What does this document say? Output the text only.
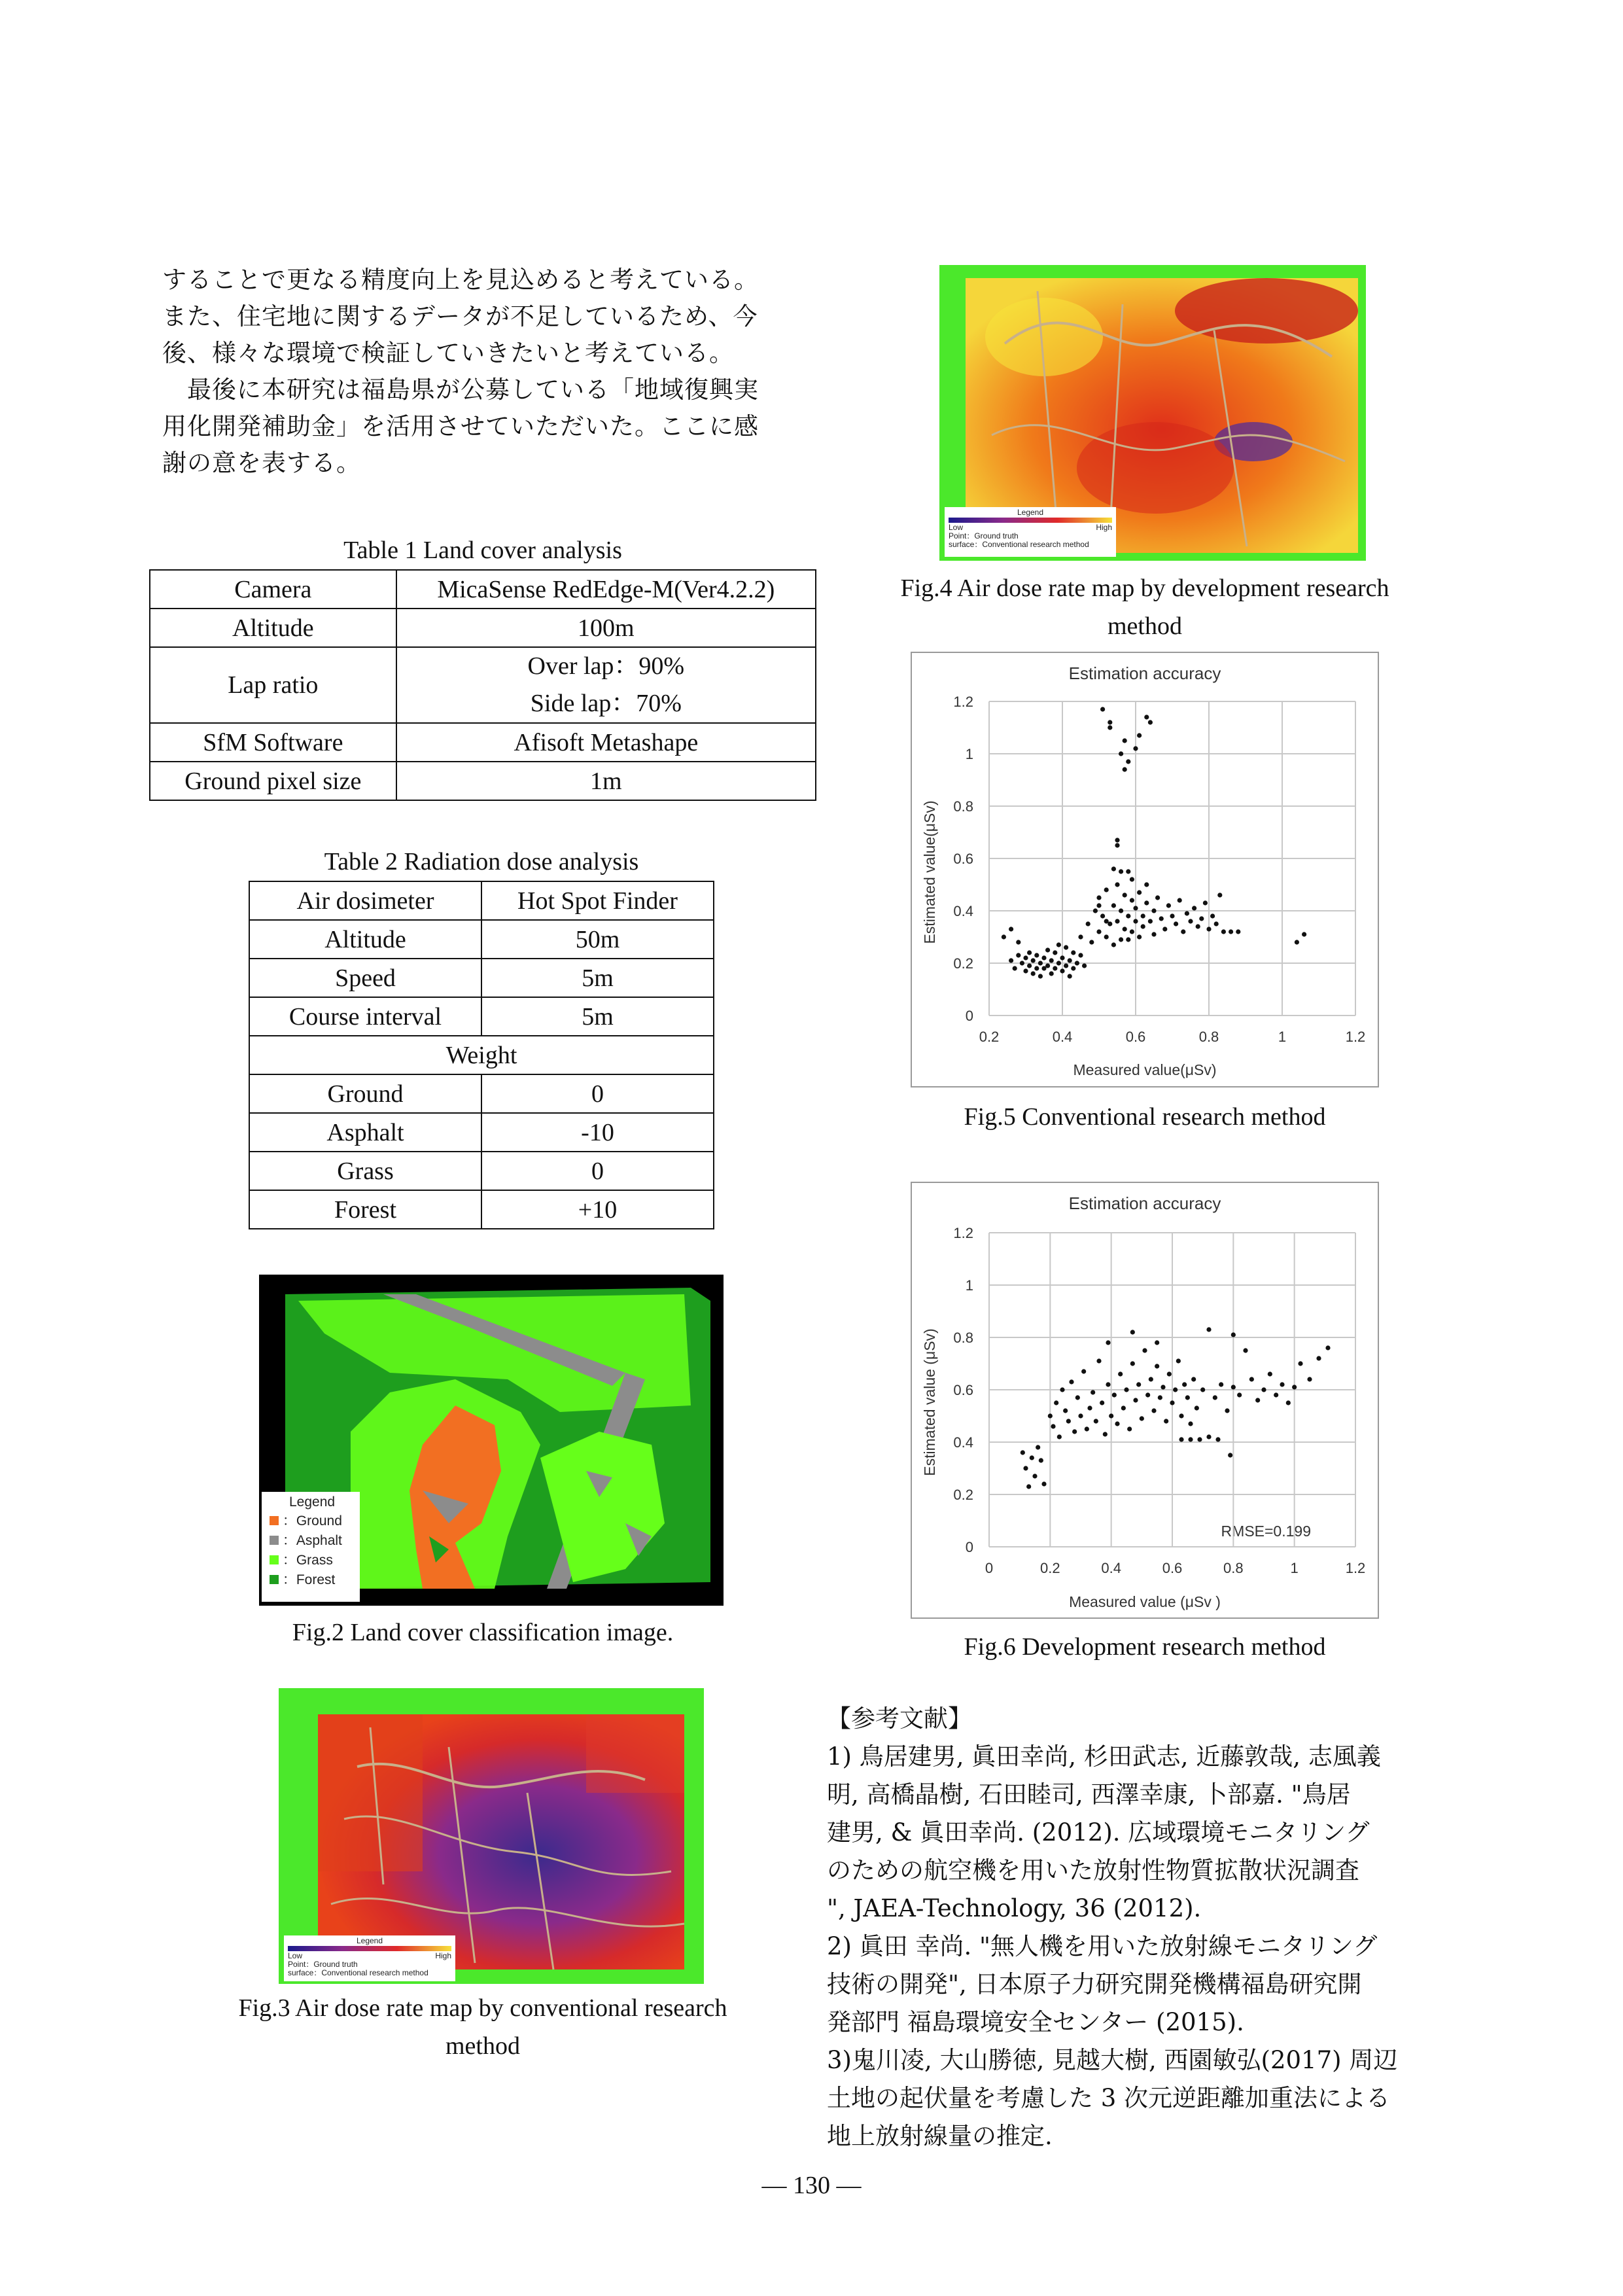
することで更なる精度向上を見込めると考えている。
また、住宅地に関するデータが不足しているため、今
後、様々な環境で検証していきたいと考えている。
　最後に本研究は福島県が公募している「地域復興実
用化開発補助金」を活用させていただいた。ここに感
謝の意を表する。
Table 1 Land cover analysis
Camera	MicaSense RedEdge-M(Ver4.2.2)
Altitude	100m
Lap ratio	Over lap：90%
Side lap：70%

SfM Software	Afisoft Metashape
Ground pixel size	1m
Table 2 Radiation dose analysis
Air dosimeter	Hot Spot Finder
Altitude	50m
Speed	5m
Course interval	5m
Weight	
Ground	0
Asphalt	-10
Grass	0
Forest	+10
Legend
：Ground
：Asphalt
：Grass
：Forest
Fig.2 Land cover classification image.
Legend
Low	High
Point：Ground truth
surface：Conventional research method
Fig.3 Air dose rate map by conventional research
method
Legend
Low	High
Point：Ground truth
surface：Conventional research method
Fig.4 Air dose rate map by development research
method
Estimation accuracy
Measured value(μSv)
Estimated value(μSv)
0.2	0.4	0.6	0.8	1	1.2
0
0.2
0.4
0.6
0.8
1
1.2
Fig.5 Conventional research method
Estimation accuracy
Measured value (μSv )
Estimated value (μSv)
RMSE=0.199
0	0.2	0.4	0.6	0.8	1	1.2
0
0.2
0.4
0.6
0.8
1
1.2
Fig.6 Development research method
【参考文献】
1) 鳥居建男, 眞田幸尚, 杉田武志, 近藤敦哉, 志風義
明, 高橋晶樹, 石田睦司, 西澤幸康, 卜部嘉. "鳥居
建男, & 眞田幸尚. (2012). 広域環境モニタリング
のための航空機を用いた放射性物質拡散状況調査
", JAEA-Technology, 36 (2012).
2) 眞田 幸尚. "無人機を用いた放射線モニタリング
技術の開発", 日本原子力研究開発機構福島研究開
発部門 福島環境安全センター (2015).
3)鬼川凌, 大山勝徳, 見越大樹, 西園敏弘(2017) 周辺
土地の起伏量を考慮した 3 次元逆距離加重法による
地上放射線量の推定.
— 130 —
